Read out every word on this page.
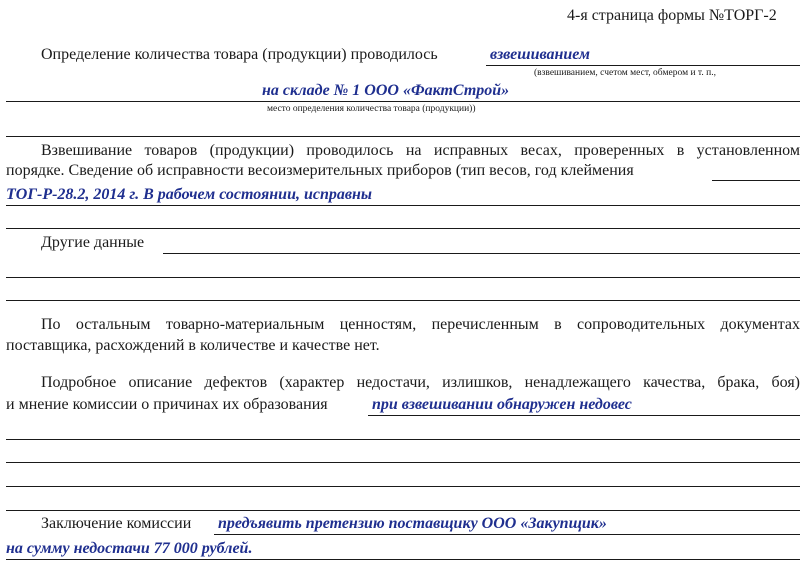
4-я страница формы №ТОРГ-2
Определение количества товара (продукции) проводилось	взвешиванием
(взвешиванием, счетом мест, обмером и т. п.,
на складе № 1 ООО «ФактСтрой»
место определения количества товара (продукции))
Взвешивание товаров (продукции) проводилось на исправных весах, проверенных в установленном
порядке. Сведение об исправности весоизмерительных приборов (тип весов, год клеймения
ТОГ-Р-28.2, 2014 г. В рабочем состоянии, исправны
Другие данные
По остальным товарно-материальным ценностям, перечисленным в сопроводительных документах
поставщика, расхождений в количестве и качестве нет.
Подробное описание дефектов (характер недостачи, излишков, ненадлежащего качества, брака, боя)
и мнение комиссии о причинах их образования	при взвешивании обнаружен недовес
Заключение комиссии предъявить претензию поставщику ООО «Закупщик»
на сумму недостачи 77 000 рублей.
